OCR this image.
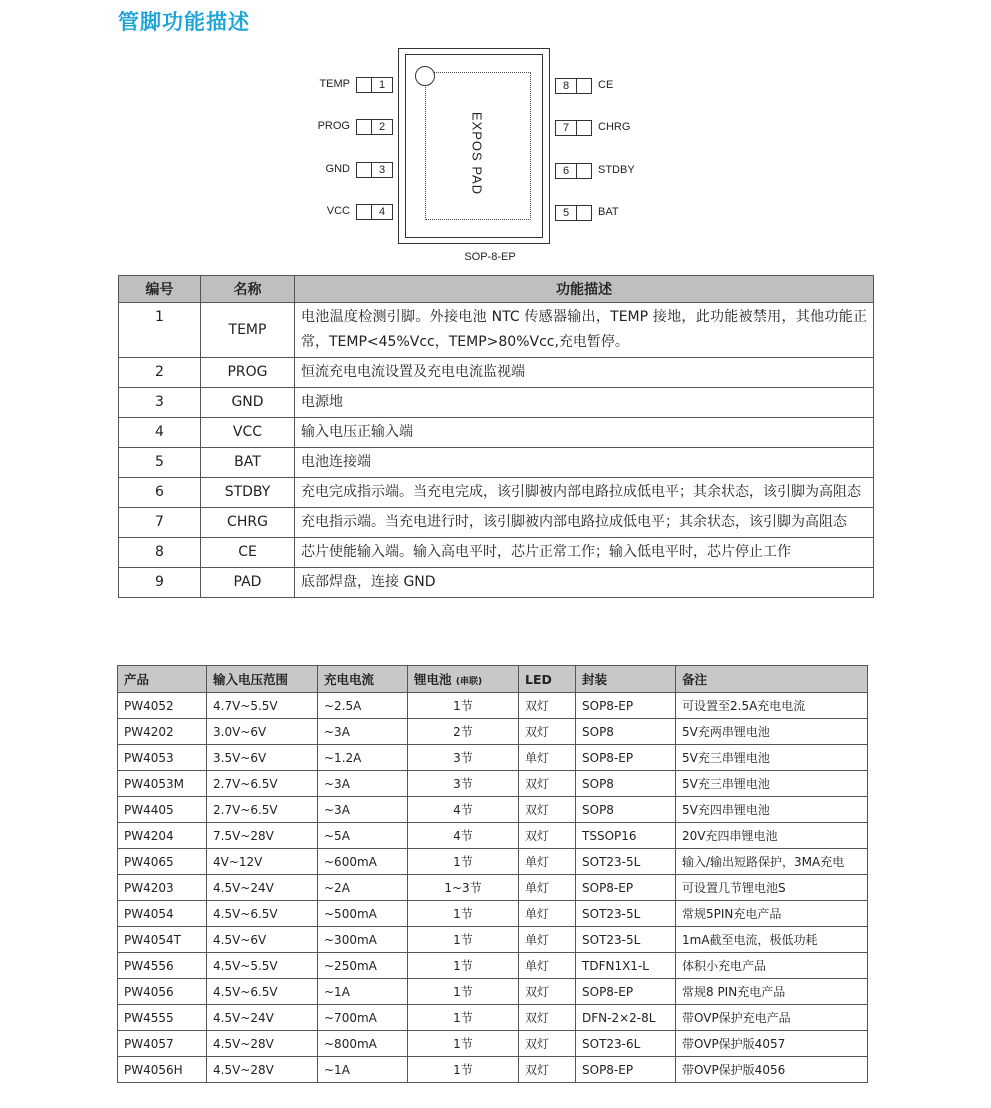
管脚功能描述
EXPOS PAD
TEMP	1
PROG	2
GND	3
VCC	4
8	CE
7	CHRG
6	STDBY
5	BAT
SOP-8-EP
编号	名称	功能描述
1	TEMP	电池温度检测引脚。外接电池 NTC 传感器输出，TEMP 接地，此功能被禁用，其他功能正常，TEMP<45%Vcc，TEMP>80%Vcc,充电暂停。
2	PROG	恒流充电电流设置及充电电流监视端
3	GND	电源地
4	VCC	输入电压正输入端
5	BAT	电池连接端
6	STDBY	充电完成指示端。当充电完成，该引脚被内部电路拉成低电平；其余状态，该引脚为高阻态
7	CHRG	充电指示端。当充电进行时，该引脚被内部电路拉成低电平；其余状态，该引脚为高阻态
8	CE	芯片使能输入端。输入高电平时，芯片正常工作；输入低电平时，芯片停止工作
9	PAD	底部焊盘，连接 GND
产品	输入电压范围	充电电流	锂电池 (串联)	LED	封装	备注
PW4052	4.7V~5.5V	~2.5A	1节	双灯	SOP8-EP	可设置至2.5A充电电流
PW4202	3.0V~6V	~3A	2节	双灯	SOP8	5V充两串锂电池
PW4053	3.5V~6V	~1.2A	3节	单灯	SOP8-EP	5V充三串锂电池
PW4053M	2.7V~6.5V	~3A	3节	双灯	SOP8	5V充三串锂电池
PW4405	2.7V~6.5V	~3A	4节	双灯	SOP8	5V充四串锂电池
PW4204	7.5V~28V	~5A	4节	双灯	TSSOP16	20V充四串锂电池
PW4065	4V~12V	~600mA	1节	单灯	SOT23-5L	输入/输出短路保护，3MA充电
PW4203	4.5V~24V	~2A	1~3节	单灯	SOP8-EP	可设置几节锂电池S
PW4054	4.5V~6.5V	~500mA	1节	单灯	SOT23-5L	常规5PIN充电产品
PW4054T	4.5V~6V	~300mA	1节	单灯	SOT23-5L	1mA截至电流，极低功耗
PW4556	4.5V~5.5V	~250mA	1节	单灯	TDFN1X1-L	体积小充电产品
PW4056	4.5V~6.5V	~1A	1节	双灯	SOP8-EP	常规8 PIN充电产品
PW4555	4.5V~24V	~700mA	1节	双灯	DFN-2×2-8L	带OVP保护充电产品
PW4057	4.5V~28V	~800mA	1节	双灯	SOT23-6L	带OVP保护版4057
PW4056H	4.5V~28V	~1A	1节	双灯	SOP8-EP	带OVP保护版4056
